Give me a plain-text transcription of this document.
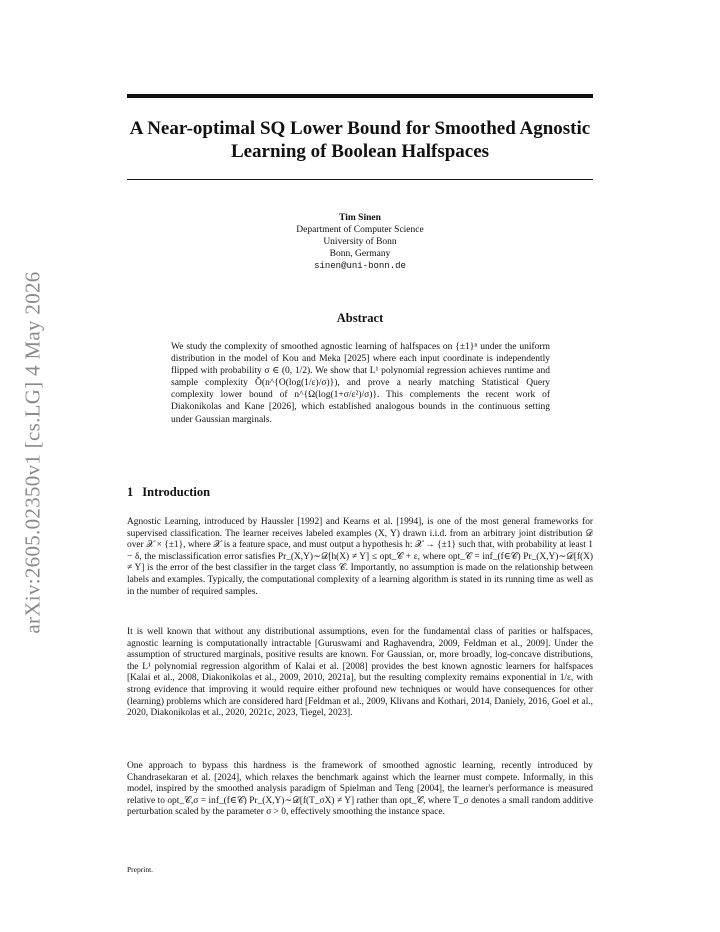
arXiv:2605.02350v1 [cs.LG] 4 May 2026
A Near-optimal SQ Lower Bound for Smoothed Agnostic Learning of Boolean Halfspaces
Tim Sinen
Department of Computer Science
University of Bonn
Bonn, Germany
sinen@uni-bonn.de
Abstract

We study the complexity of smoothed agnostic learning of halfspaces on {±1}ⁿ under the uniform distribution in the model of Kou and Meka [2025] where each input coordinate is independently flipped with probability σ ∈ (0, 1/2). We show that L¹ polynomial regression achieves runtime and sample complexity Õ(n^{O(log(1/ε)/σ)}), and prove a nearly matching Statistical Query complexity lower bound of n^{Ω(log(1+σ/ε²)/σ)}. This complements the recent work of Diakonikolas and Kane [2026], which established analogous bounds in the continuous setting under Gaussian marginals.

1 Introduction

Agnostic Learning, introduced by Haussler [1992] and Kearns et al. [1994], is one of the most general frameworks for supervised classification. The learner receives labeled examples (X, Y) drawn i.i.d. from an arbitrary joint distribution 𝒟 over 𝒳 × {±1}, where 𝒳 is a feature space, and must output a hypothesis h: 𝒳 → {±1} such that, with probability at least 1 − δ, the misclassification error satisfies Pr_(X,Y)∼𝒟[h(X) ≠ Y] ≤ opt_𝒞 + ε, where opt_𝒞 = inf_(f∈𝒞) Pr_(X,Y)∼𝒟[f(X) ≠ Y] is the error of the best classifier in the target class 𝒞. Importantly, no assumption is made on the relationship between labels and examples. Typically, the computational complexity of a learning algorithm is stated in its running time as well as in the number of required samples.

It is well known that without any distributional assumptions, even for the fundamental class of parities or halfspaces, agnostic learning is computationally intractable [Guruswami and Raghavendra, 2009, Feldman et al., 2009]. Under the assumption of structured marginals, positive results are known. For Gaussian, or, more broadly, log-concave distributions, the L¹ polynomial regression algorithm of Kalai et al. [2008] provides the best known agnostic learners for halfspaces [Kalai et al., 2008, Diakonikolas et al., 2009, 2010, 2021a], but the resulting complexity remains exponential in 1/ε, with strong evidence that improving it would require either profound new techniques or would have consequences for other (learning) problems which are considered hard [Feldman et al., 2009, Klivans and Kothari, 2014, Daniely, 2016, Goel et al., 2020, Diakonikolas et al., 2020, 2021c, 2023, Tiegel, 2023].

One approach to bypass this hardness is the framework of smoothed agnostic learning, recently introduced by Chandrasekaran et al. [2024], which relaxes the benchmark against which the learner must compete. Informally, in this model, inspired by the smoothed analysis paradigm of Spielman and Teng [2004], the learner's performance is measured relative to opt_𝒞,σ = inf_(f∈𝒞) Pr_(X,Y)∼𝒟[f(T_σX) ≠ Y] rather than opt_𝒞, where T_σ denotes a small random additive perturbation scaled by the parameter σ > 0, effectively smoothing the instance space.

Preprint.
